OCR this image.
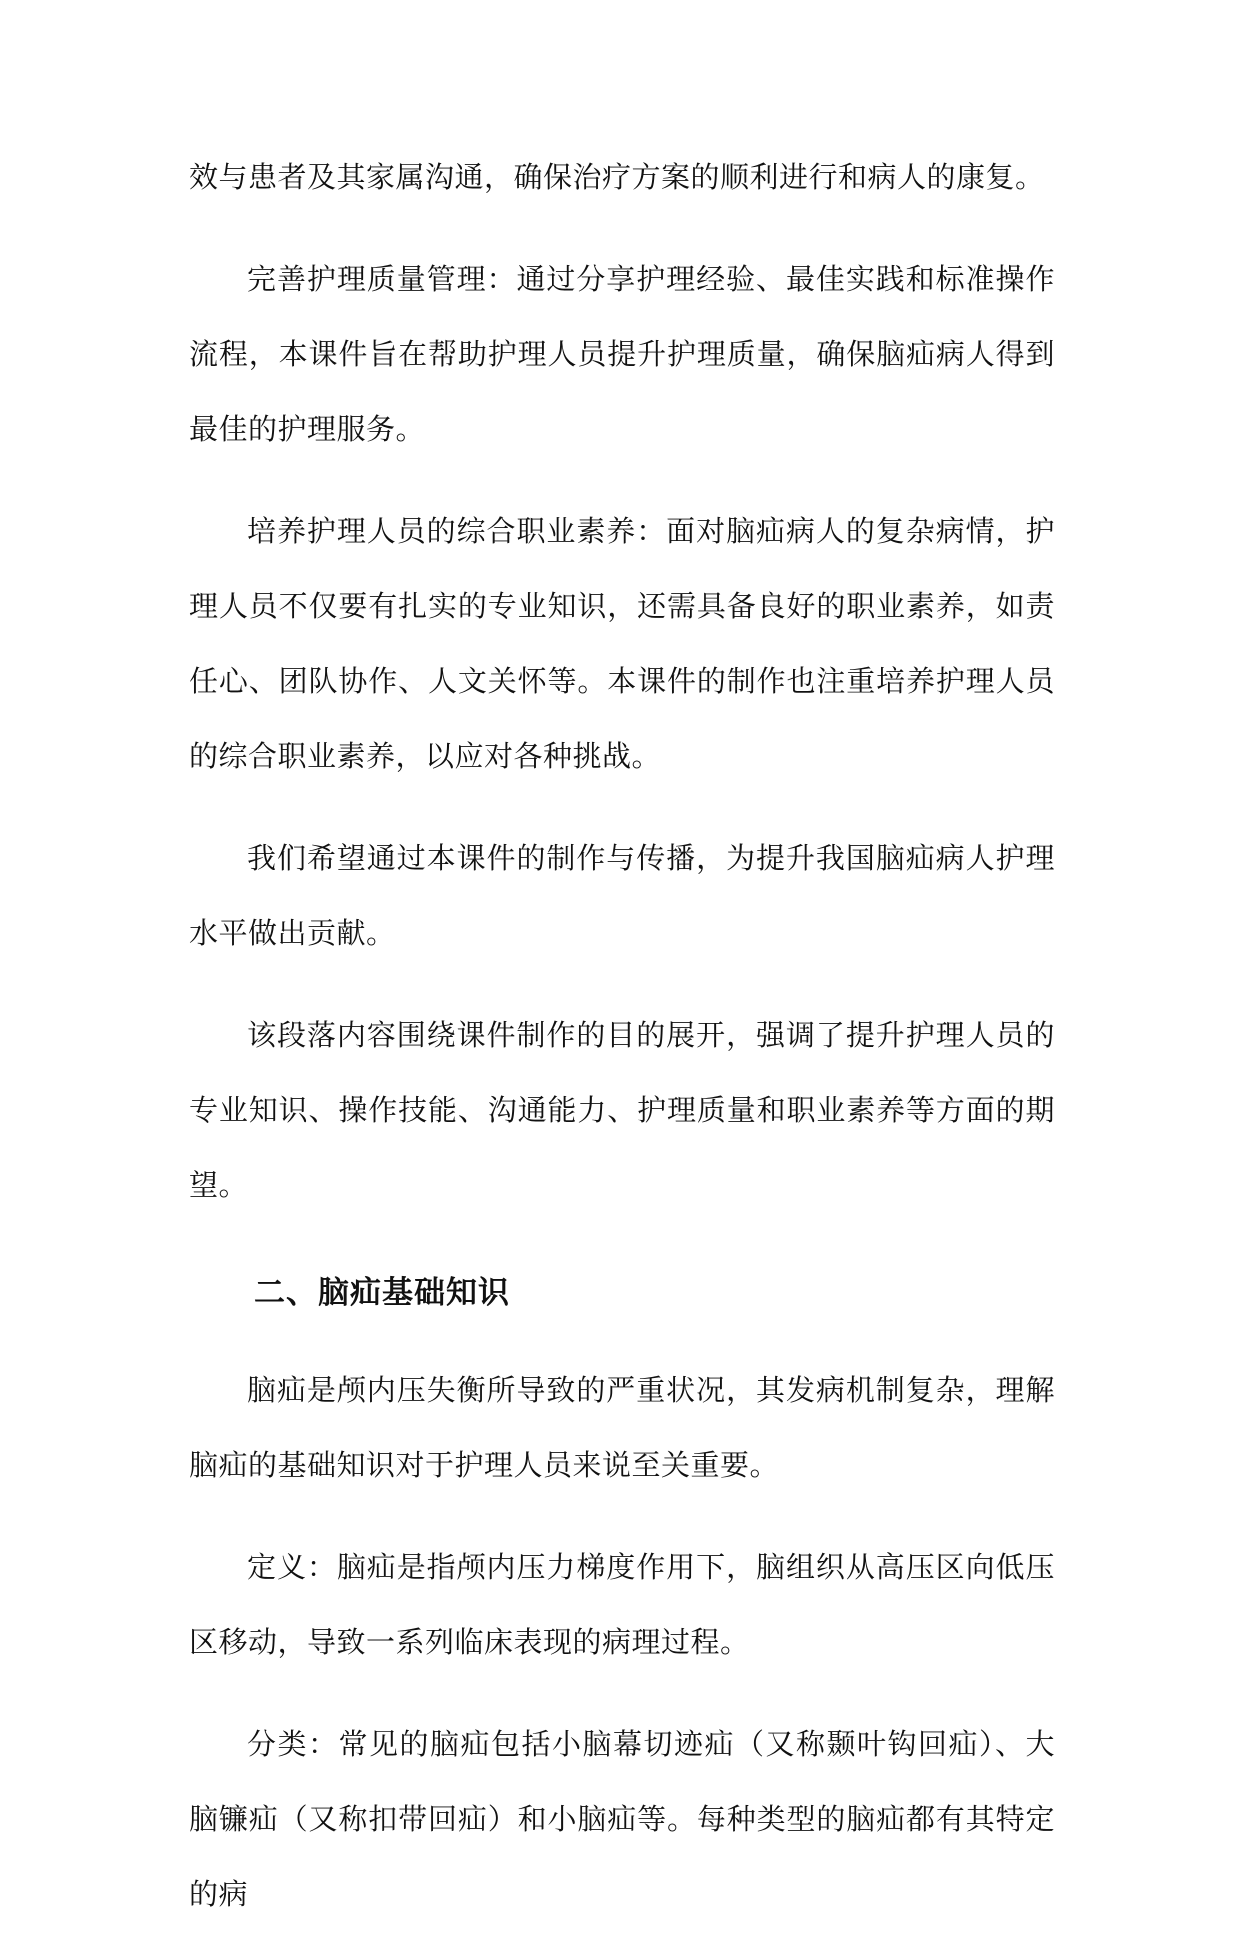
效与患者及其家属沟通，确保治疗方案的顺利进行和病人的康复。

完善护理质量管理：通过分享护理经验、最佳实践和标准操作流程，本课件旨在帮助护理人员提升护理质量，确保脑疝病人得到最佳的护理服务。

培养护理人员的综合职业素养：面对脑疝病人的复杂病情，护理人员不仅要有扎实的专业知识，还需具备良好的职业素养，如责任心、团队协作、人文关怀等。本课件的制作也注重培养护理人员的综合职业素养，以应对各种挑战。

我们希望通过本课件的制作与传播，为提升我国脑疝病人护理水平做出贡献。

该段落内容围绕课件制作的目的展开，强调了提升护理人员的专业知识、操作技能、沟通能力、护理质量和职业素养等方面的期望。

二、脑疝基础知识

脑疝是颅内压失衡所导致的严重状况，其发病机制复杂，理解脑疝的基础知识对于护理人员来说至关重要。

定义：脑疝是指颅内压力梯度作用下，脑组织从高压区向低压区移动，导致一系列临床表现的病理过程。

分类：常见的脑疝包括小脑幕切迹疝（又称颞叶钩回疝）、大脑镰疝（又称扣带回疝）和小脑疝等。每种类型的脑疝都有其特定的病
